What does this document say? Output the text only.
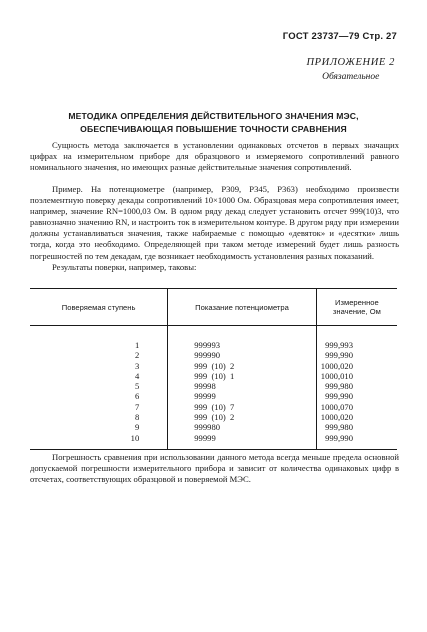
ГОСТ 23737—79 Стр. 27
ПРИЛОЖЕНИЕ 2
Обязательное
МЕТОДИКА ОПРЕДЕЛЕНИЯ ДЕЙСТВИТЕЛЬНОГО ЗНАЧЕНИЯ МЭС,
ОБЕСПЕЧИВАЮЩАЯ ПОВЫШЕНИЕ ТОЧНОСТИ СРАВНЕНИЯ

Сущность метода заключается в установлении одинаковых отсчетов в первых значащих цифрах на измерительном приборе для образцового и измеряемого сопротивлений равного номинального значения, но имеющих разные действительные значения сопротивлений.

Пример. На потенциометре (например, Р309, Р345, Р363) необходимо произвести поэлементную поверку декады сопротивлений 10×1000 Ом. Образцовая мера сопротивления имеет, например, значение RN=1000,03 Ом. В одном ряду декад следует установить отсчет 999(10)3, что равнозначно значению RN, и настроить ток в измерительном контуре. В другом ряду при измерении должны устанавливаться значения, также набираемые с помощью «девяток» и «десятки» лишь тогда, когда это необходимо. Определяющей при таком методе измерений будет лишь разность погрешностей по тем декадам, где возникает необходимость установления разных показаний.

Результаты поверки, например, таковы:

Поверяемая ступень	Показание потенциометра	Измеренное значение, Ом
1	999993	999,993
2	999990	999,990
3	999  (10)  2	1000,020
4	999  (10)  1	1000,010
5	99998	999,980
6	99999	999,990
7	999  (10)  7	1000,070
8	999  (10)  2	1000,020
9	999980	999,980
10	99999	999,990

Погрешность сравнения при использовании данного метода всегда меньше предела основной допускаемой погрешности измерительного прибора и зависит от количества одинаковых цифр в отсчетах, соответствующих образцовой и поверяемой МЭС.
